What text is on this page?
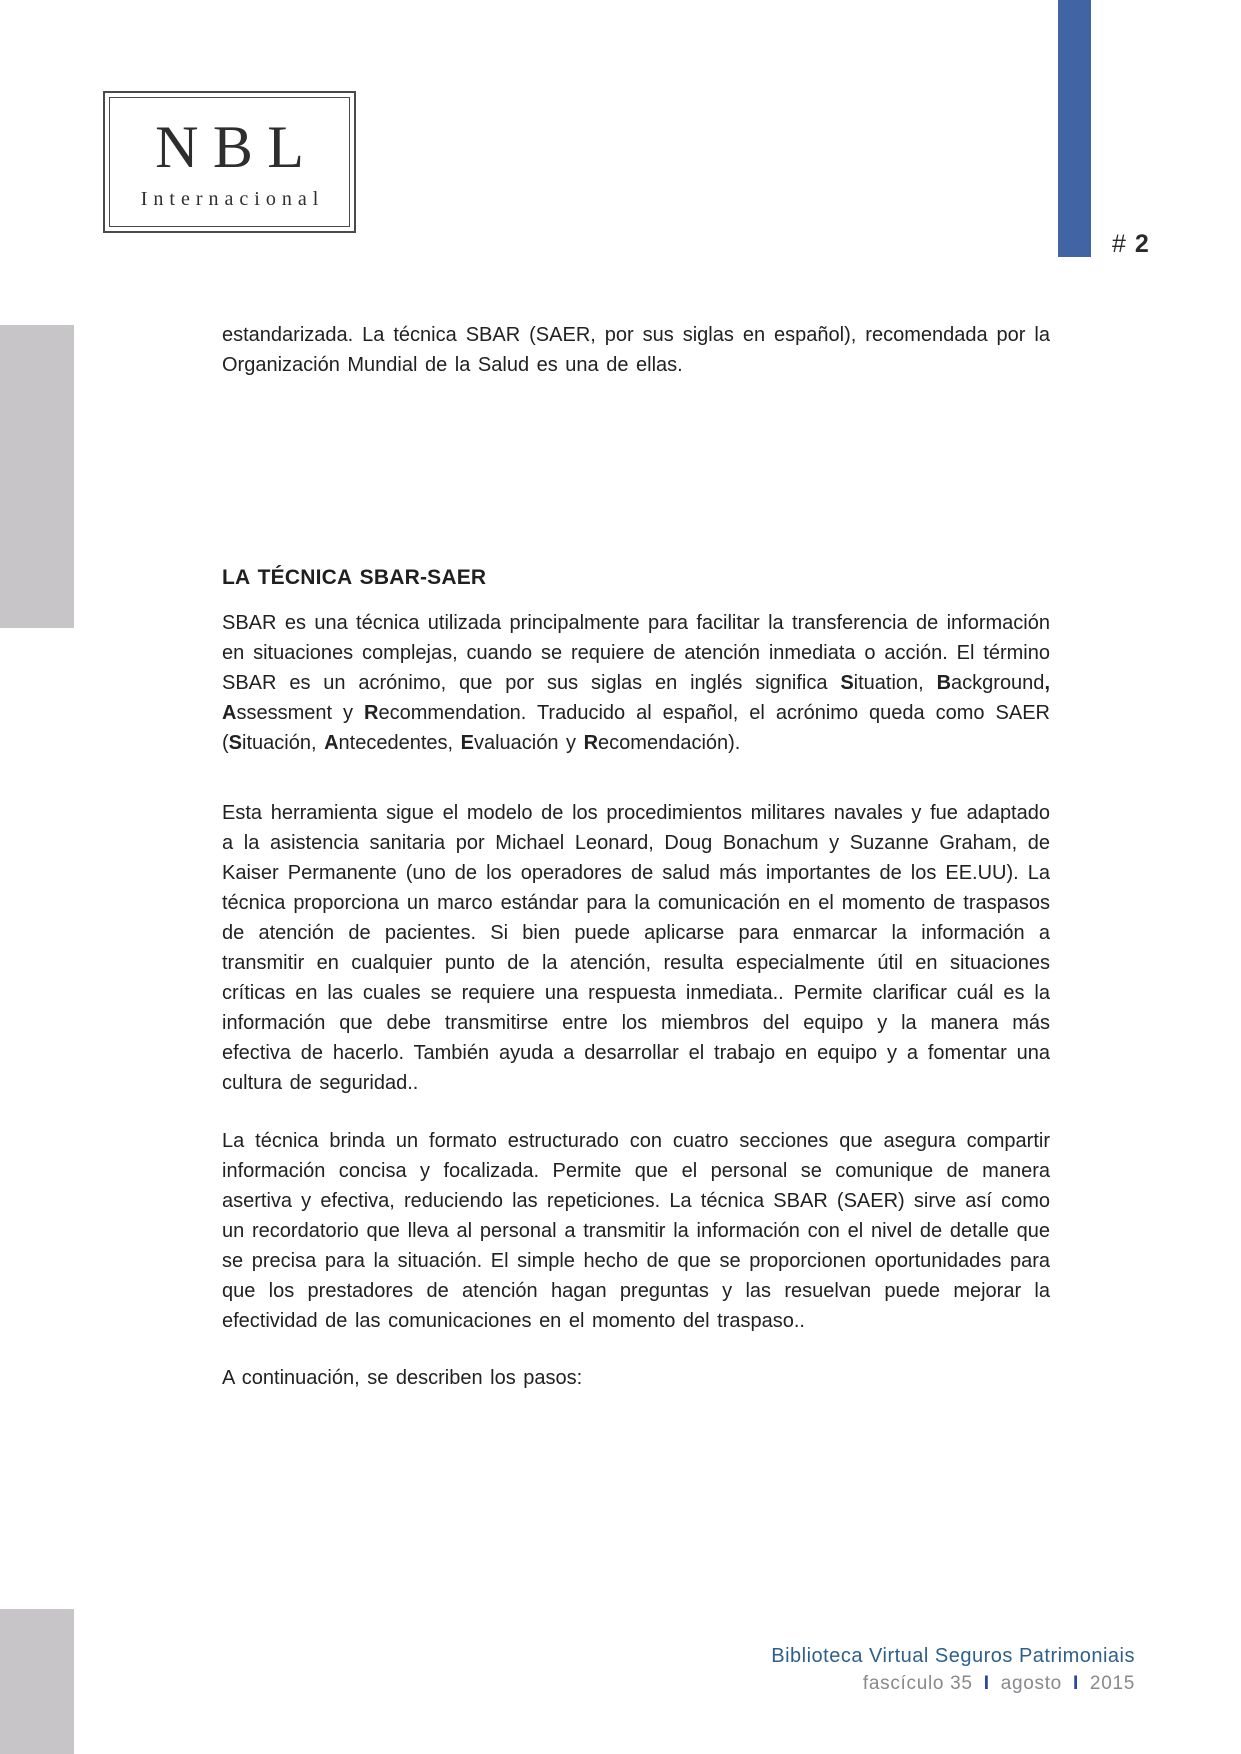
# 2
NBL
Internacional

estandarizada. La técnica SBAR (SAER, por sus siglas en español), recomendada por la Organización Mundial de la Salud es una de ellas.

LA TÉCNICA SBAR-SAER

SBAR es una técnica utilizada principalmente para facilitar la transferencia de información en situaciones complejas, cuando se requiere de atención inmediata o acción. El término SBAR es un acrónimo, que por sus siglas en inglés significa Situation, Background, Assessment y Recommendation. Traducido al español, el acrónimo queda como SAER (Situación, Antecedentes, Evaluación y Recomendación).

Esta herramienta sigue el modelo de los procedimientos militares navales y fue adaptado a la asistencia sanitaria por Michael Leonard, Doug Bonachum y Suzanne Graham, de Kaiser Permanente (uno de los operadores de salud más importantes de los EE.UU). La técnica proporciona un marco estándar para la comunicación en el momento de traspasos de atención de pacientes. Si bien puede aplicarse para enmarcar la información a transmitir en cualquier punto de la atención, resulta especialmente útil en situaciones críticas en las cuales se requiere una respuesta inmediata.. Permite clarificar cuál es la información que debe transmitirse entre los miembros del equipo y la manera más efectiva de hacerlo. También ayuda a desarrollar el trabajo en equipo y a fomentar una cultura de seguridad..

La técnica brinda un formato estructurado con cuatro secciones que asegura compartir información concisa y focalizada. Permite que el personal se comunique de manera asertiva y efectiva, reduciendo las repeticiones. La técnica SBAR (SAER) sirve así como un recordatorio que lleva al personal a transmitir la información con el nivel de detalle que se precisa para la situación. El simple hecho de que se proporcionen oportunidades para que los prestadores de atención hagan preguntas y las resuelvan puede mejorar la efectividad de las comunicaciones en el momento del traspaso..

A continuación, se describen los pasos:

Biblioteca Virtual Seguros Patrimoniais
fascículo 35 I agosto I 2015
